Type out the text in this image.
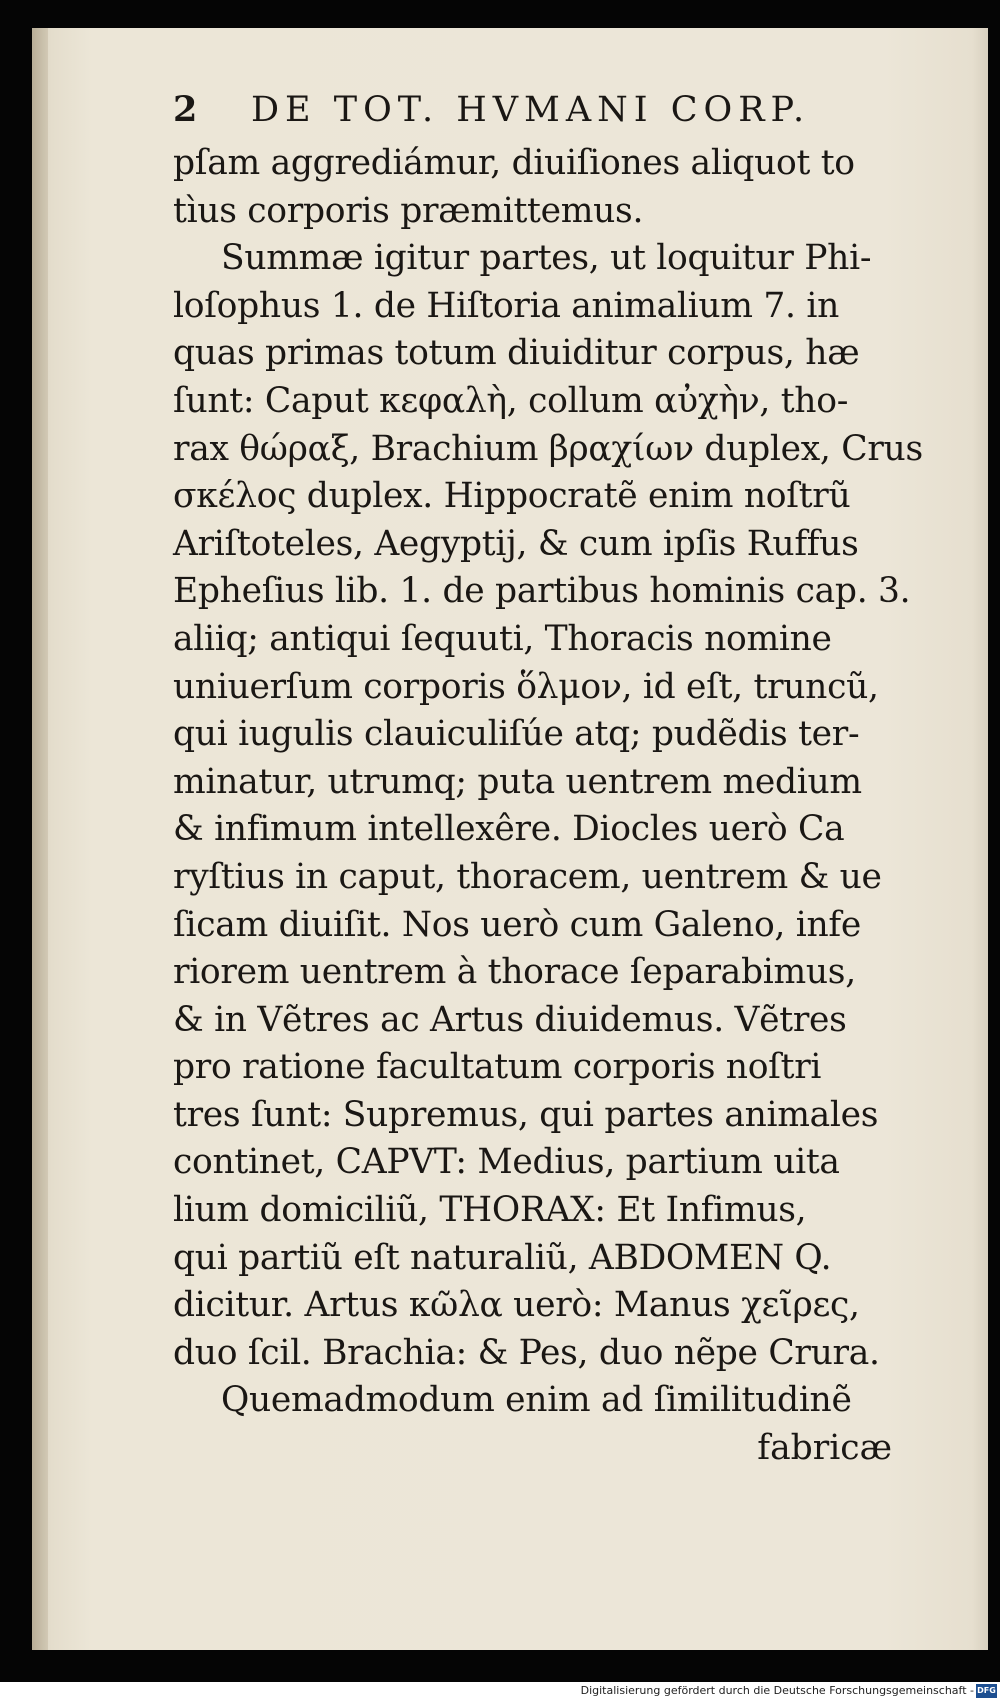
2	DE TOT. HVMANI CORP.
pſam aggrediámur, diuiſiones aliquot to
tìus corporis præmittemus.
Summæ igitur partes, ut loquitur Phi-
loſophus 1. de Hiſtoria animalium 7. in
quas primas totum diuiditur corpus, hæ
ſunt: Caput κεφαλὴ, collum αὐχὴν, tho-
rax θώραξ, Brachium βραχίων duplex, Crus
σκέλος duplex. Hippocratẽ enim noſtrũ
Ariſtoteles, Aegyptij, & cum ipſis Ruffus
Epheſius lib. 1. de partibus hominis cap. 3.
aliiq; antiqui ſequuti, Thoracis nomine
uniuerſum corporis ὅλμον, id eſt, truncũ,
qui iugulis clauiculiſúe atq; pudẽdis ter-
minatur, utrumq; puta uentrem medium
& infimum intellexêre. Diocles uerò Ca
ryſtius in caput, thoracem, uentrem & ue
ſicam diuiſit. Nos uerò cum Galeno, infe
riorem uentrem à thorace ſeparabimus,
& in Vẽtres ac Artus diuidemus. Vẽtres
pro ratione facultatum corporis noſtri
tres ſunt: Supremus, qui partes animales
continet, CAPVT: Medius, partium uita
lium domiciliũ, THORAX: Et Infimus,
qui partiũ eſt naturaliũ, ABDOMEN Q.
dicitur. Artus κῶλα uerò: Manus χεῖρες,
duo ſcil. Brachia: & Pes, duo nẽpe Crura.
Quemadmodum enim ad ſimilitudinẽ
fabricæ
Digitalisierung gefördert durch die Deutsche Forschungsgemeinschaft - DFG
